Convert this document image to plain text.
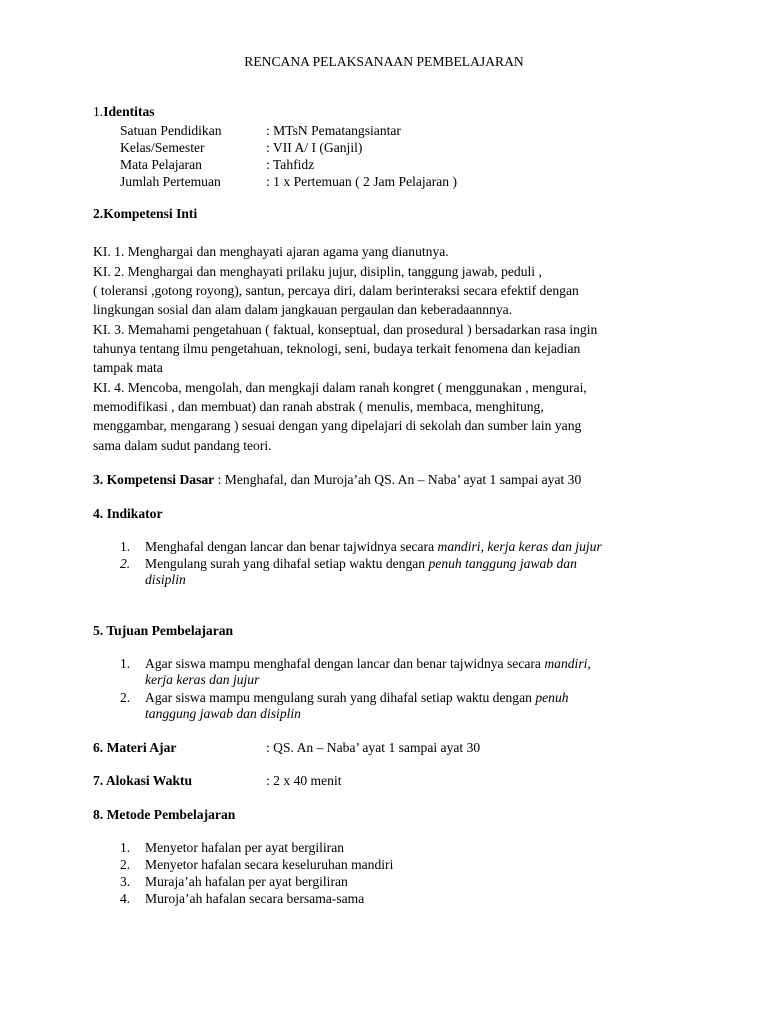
RENCANA PELAKSANAAN PEMBELAJARAN
1.Identitas
Satuan Pendidikan	: MTsN Pematangsiantar
Kelas/Semester	: VII A/ I (Ganjil)
Mata Pelajaran	: Tahfidz
Jumlah Pertemuan	: 1 x Pertemuan ( 2 Jam Pelajaran )
2.Kompetensi Inti
KI. 1. Menghargai dan menghayati ajaran agama yang dianutnya.
KI. 2. Menghargai dan menghayati prilaku jujur, disiplin, tanggung jawab, peduli ,
( toleransi ,gotong royong), santun, percaya diri, dalam berinteraksi secara efektif dengan
lingkungan sosial dan alam dalam jangkauan pergaulan dan keberadaannnya.
KI. 3. Memahami pengetahuan ( faktual, konseptual, dan prosedural ) bersadarkan rasa ingin
tahunya tentang ilmu pengetahuan, teknologi, seni, budaya terkait fenomena dan kejadian
tampak mata
KI. 4. Mencoba, mengolah, dan mengkaji dalam ranah kongret ( menggunakan , mengurai,
memodifikasi , dan membuat) dan ranah abstrak ( menulis, membaca, menghitung,
menggambar, mengarang ) sesuai dengan yang dipelajari di sekolah dan sumber lain yang
sama dalam sudut pandang teori.
3. Kompetensi Dasar : Menghafal, dan Muroja’ah QS. An – Naba’ ayat 1 sampai ayat 30
4. Indikator
1. Menghafal dengan lancar dan benar tajwidnya secara mandiri, kerja keras dan jujur
2. Mengulang surah yang dihafal setiap waktu dengan penuh tanggung jawab dan
disiplin
5. Tujuan Pembelajaran
1. Agar siswa mampu menghafal dengan lancar dan benar tajwidnya secara mandiri,
kerja keras dan jujur
2. Agar siswa mampu mengulang surah yang dihafal setiap waktu dengan penuh
tanggung jawab dan disiplin
6. Materi Ajar	: QS. An – Naba’ ayat 1 sampai ayat 30
7. Alokasi Waktu	: 2 x 40 menit
8. Metode Pembelajaran
1. Menyetor hafalan per ayat bergiliran
2. Menyetor hafalan secara keseluruhan mandiri
3. Muraja’ah hafalan per ayat bergiliran
4. Muroja’ah hafalan secara bersama-sama
